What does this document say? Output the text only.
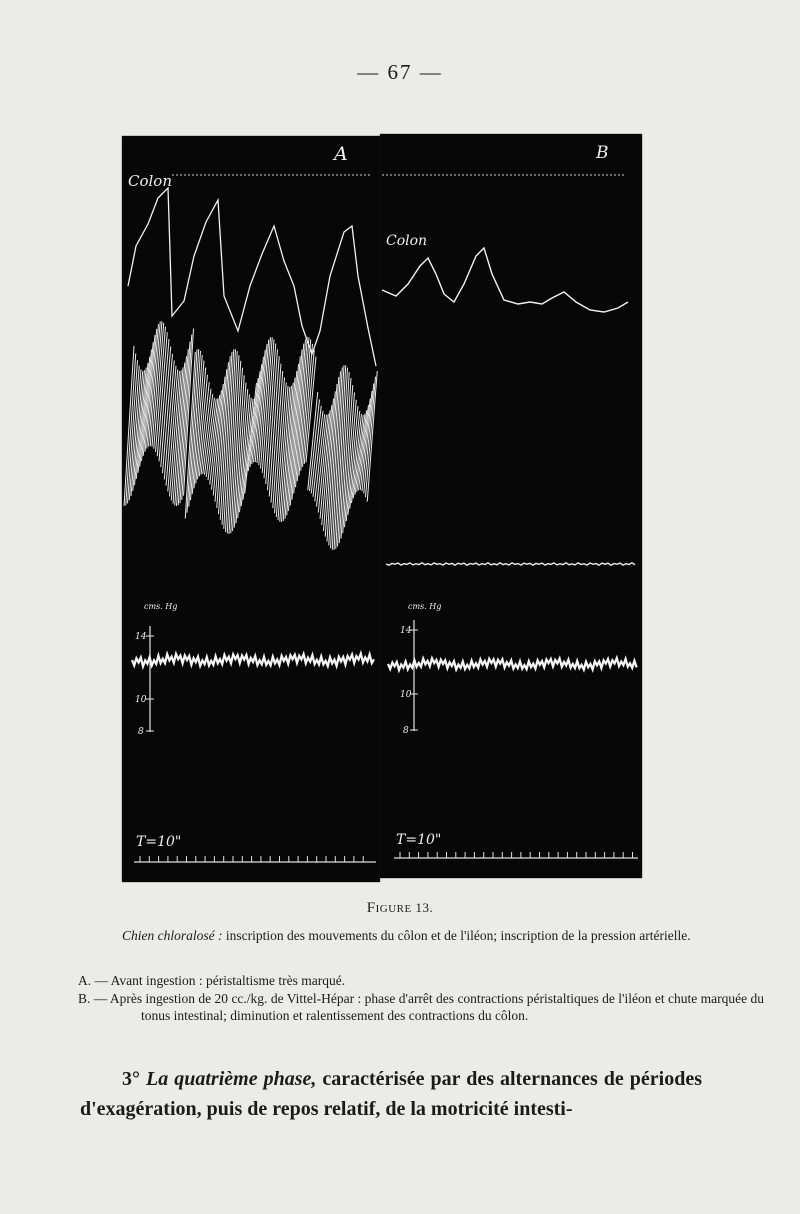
— 67 —
A
Colon
cms. Hg
14
10
8
T=10"
B
Colon
cms. Hg
14
10
8
T=10"
Figure 13.
Chien chloralosé : inscription des mouvements du côlon et de l'iléon; inscription de la pression artérielle.
A. — Avant ingestion : péristaltisme très marqué.
B. — Après ingestion de 20 cc./kg. de Vittel-Hépar : phase d'arrêt des contractions péristaltiques de l'iléon et chute marquée du tonus intestinal; diminution et ralentissement des contractions du côlon.
3° La quatrième phase, caractérisée par des alternances de périodes d'exagération, puis de repos relatif, de la motricité intesti-
